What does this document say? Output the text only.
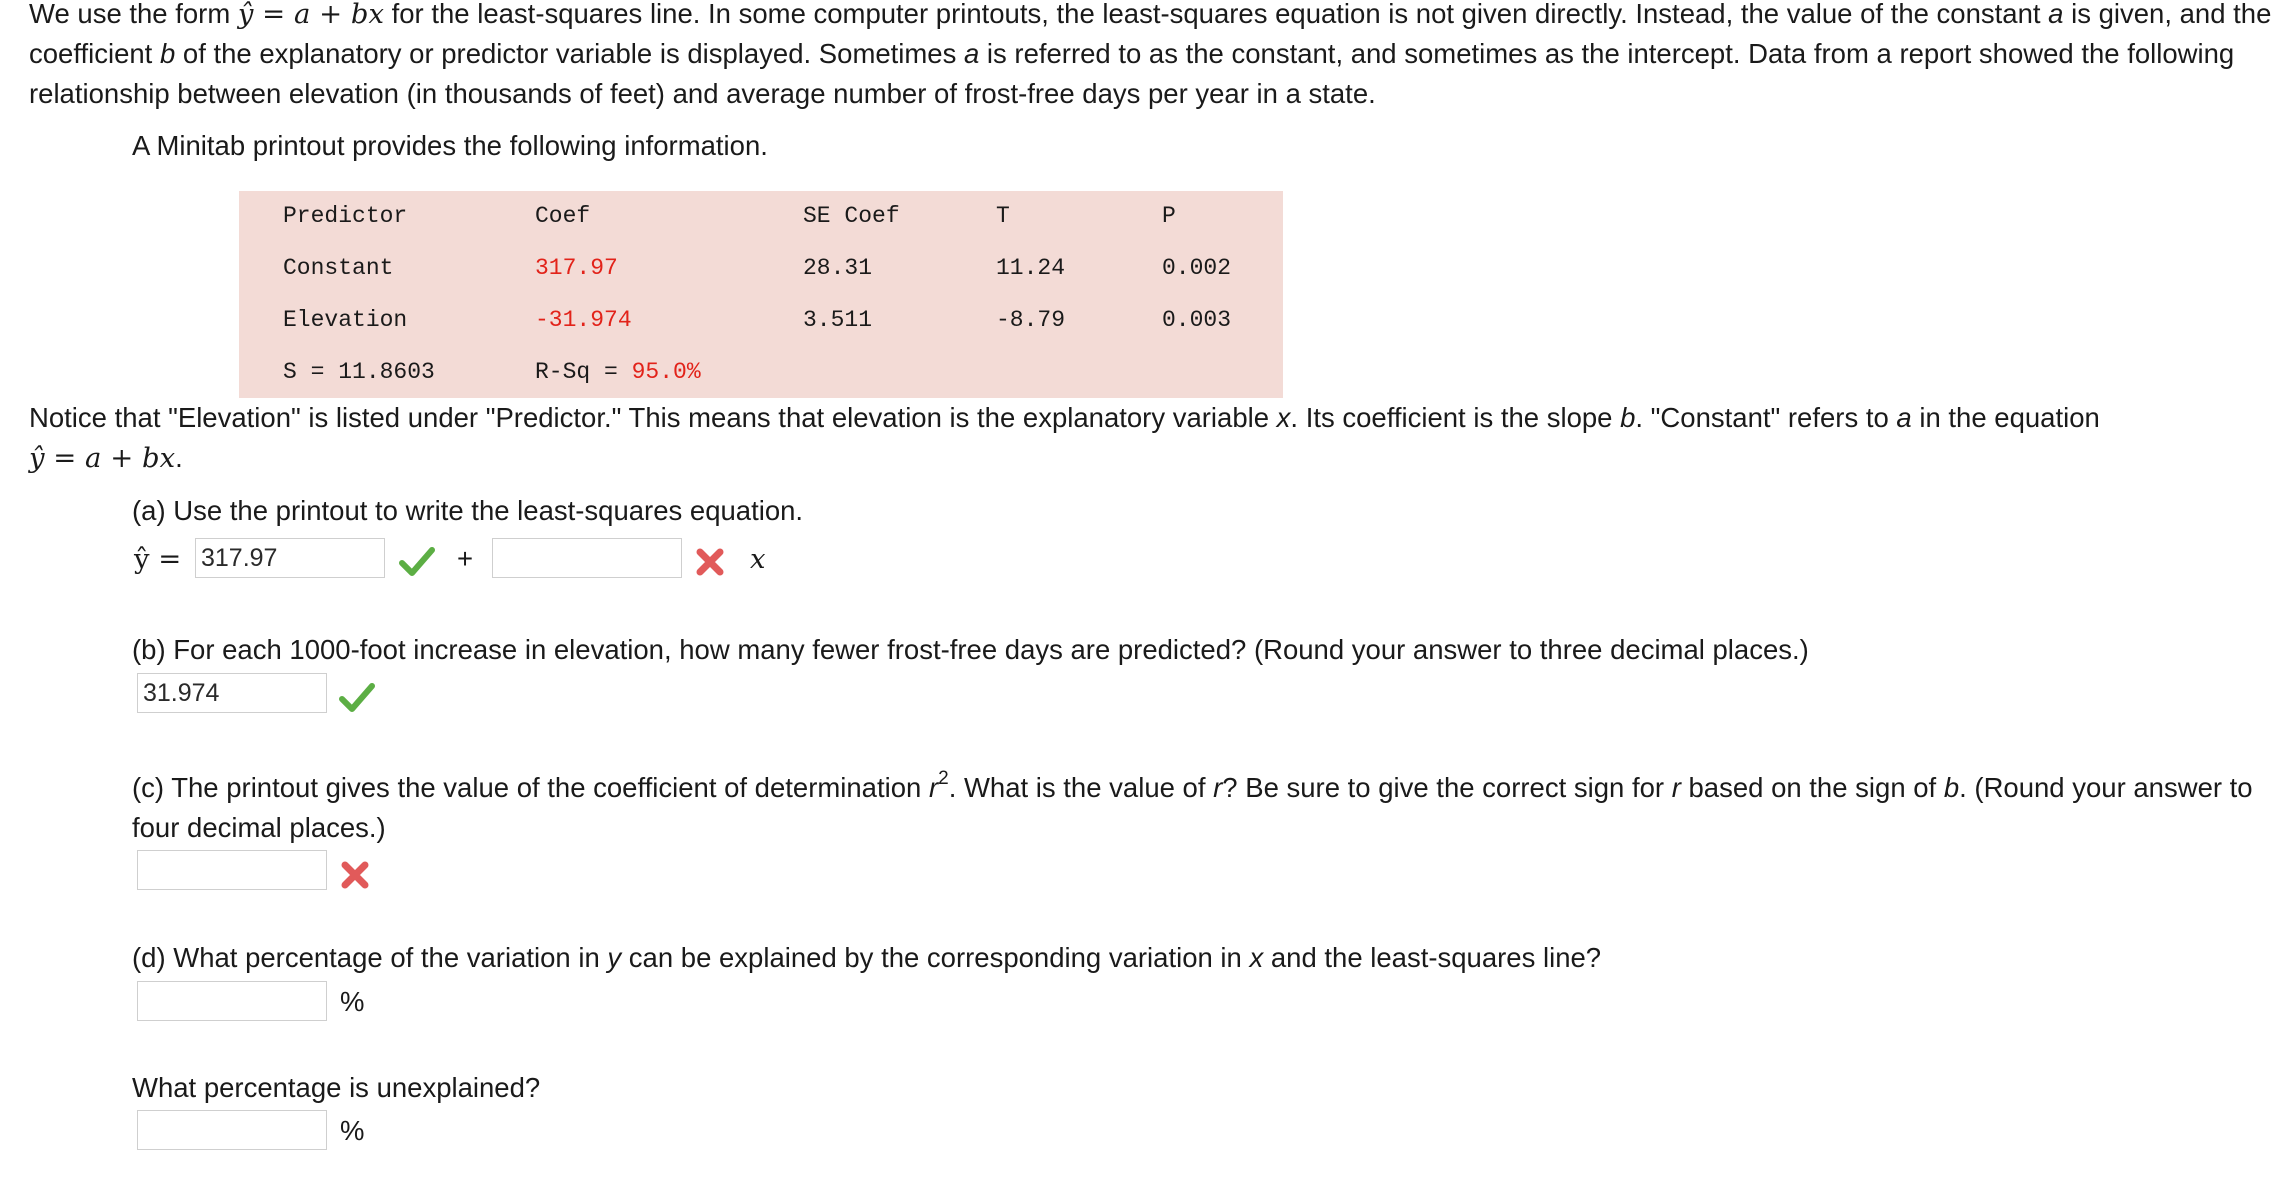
We use the form ŷ = a + bx for the least-squares line. In some computer printouts, the least-squares equation is not given directly. Instead, the value of the constant a is given, and the coefficient b of the explanatory or predictor variable is displayed. Sometimes a is referred to as the constant, and sometimes as the intercept. Data from a report showed the following relationship between elevation (in thousands of feet) and average number of frost-free days per year in a state.
A Minitab printout provides the following information.
Predictor	Coef	SE Coef	T	P
Constant	317.97	28.31	11.24	0.002
Elevation	-31.974	3.511	-8.79	0.003
S = 11.8603	R-Sq = 95.0%
Notice that "Elevation" is listed under "Predictor." This means that elevation is the explanatory variable x. Its coefficient is the slope b. "Constant" refers to a in the equation
ŷ = a + bx.
(a) Use the printout to write the least-squares equation.
ŷ = 317.97	+	x
(b) For each 1000-foot increase in elevation, how many fewer frost-free days are predicted? (Round your answer to three decimal places.)
31.974
(c) The printout gives the value of the coefficient of determination $r^2$. What is the value of r? Be sure to give the correct sign for r based on the sign of b. (Round your answer to four decimal places.)
(d) What percentage of the variation in y can be explained by the corresponding variation in x and the least-squares line?
%
What percentage is unexplained?
%
